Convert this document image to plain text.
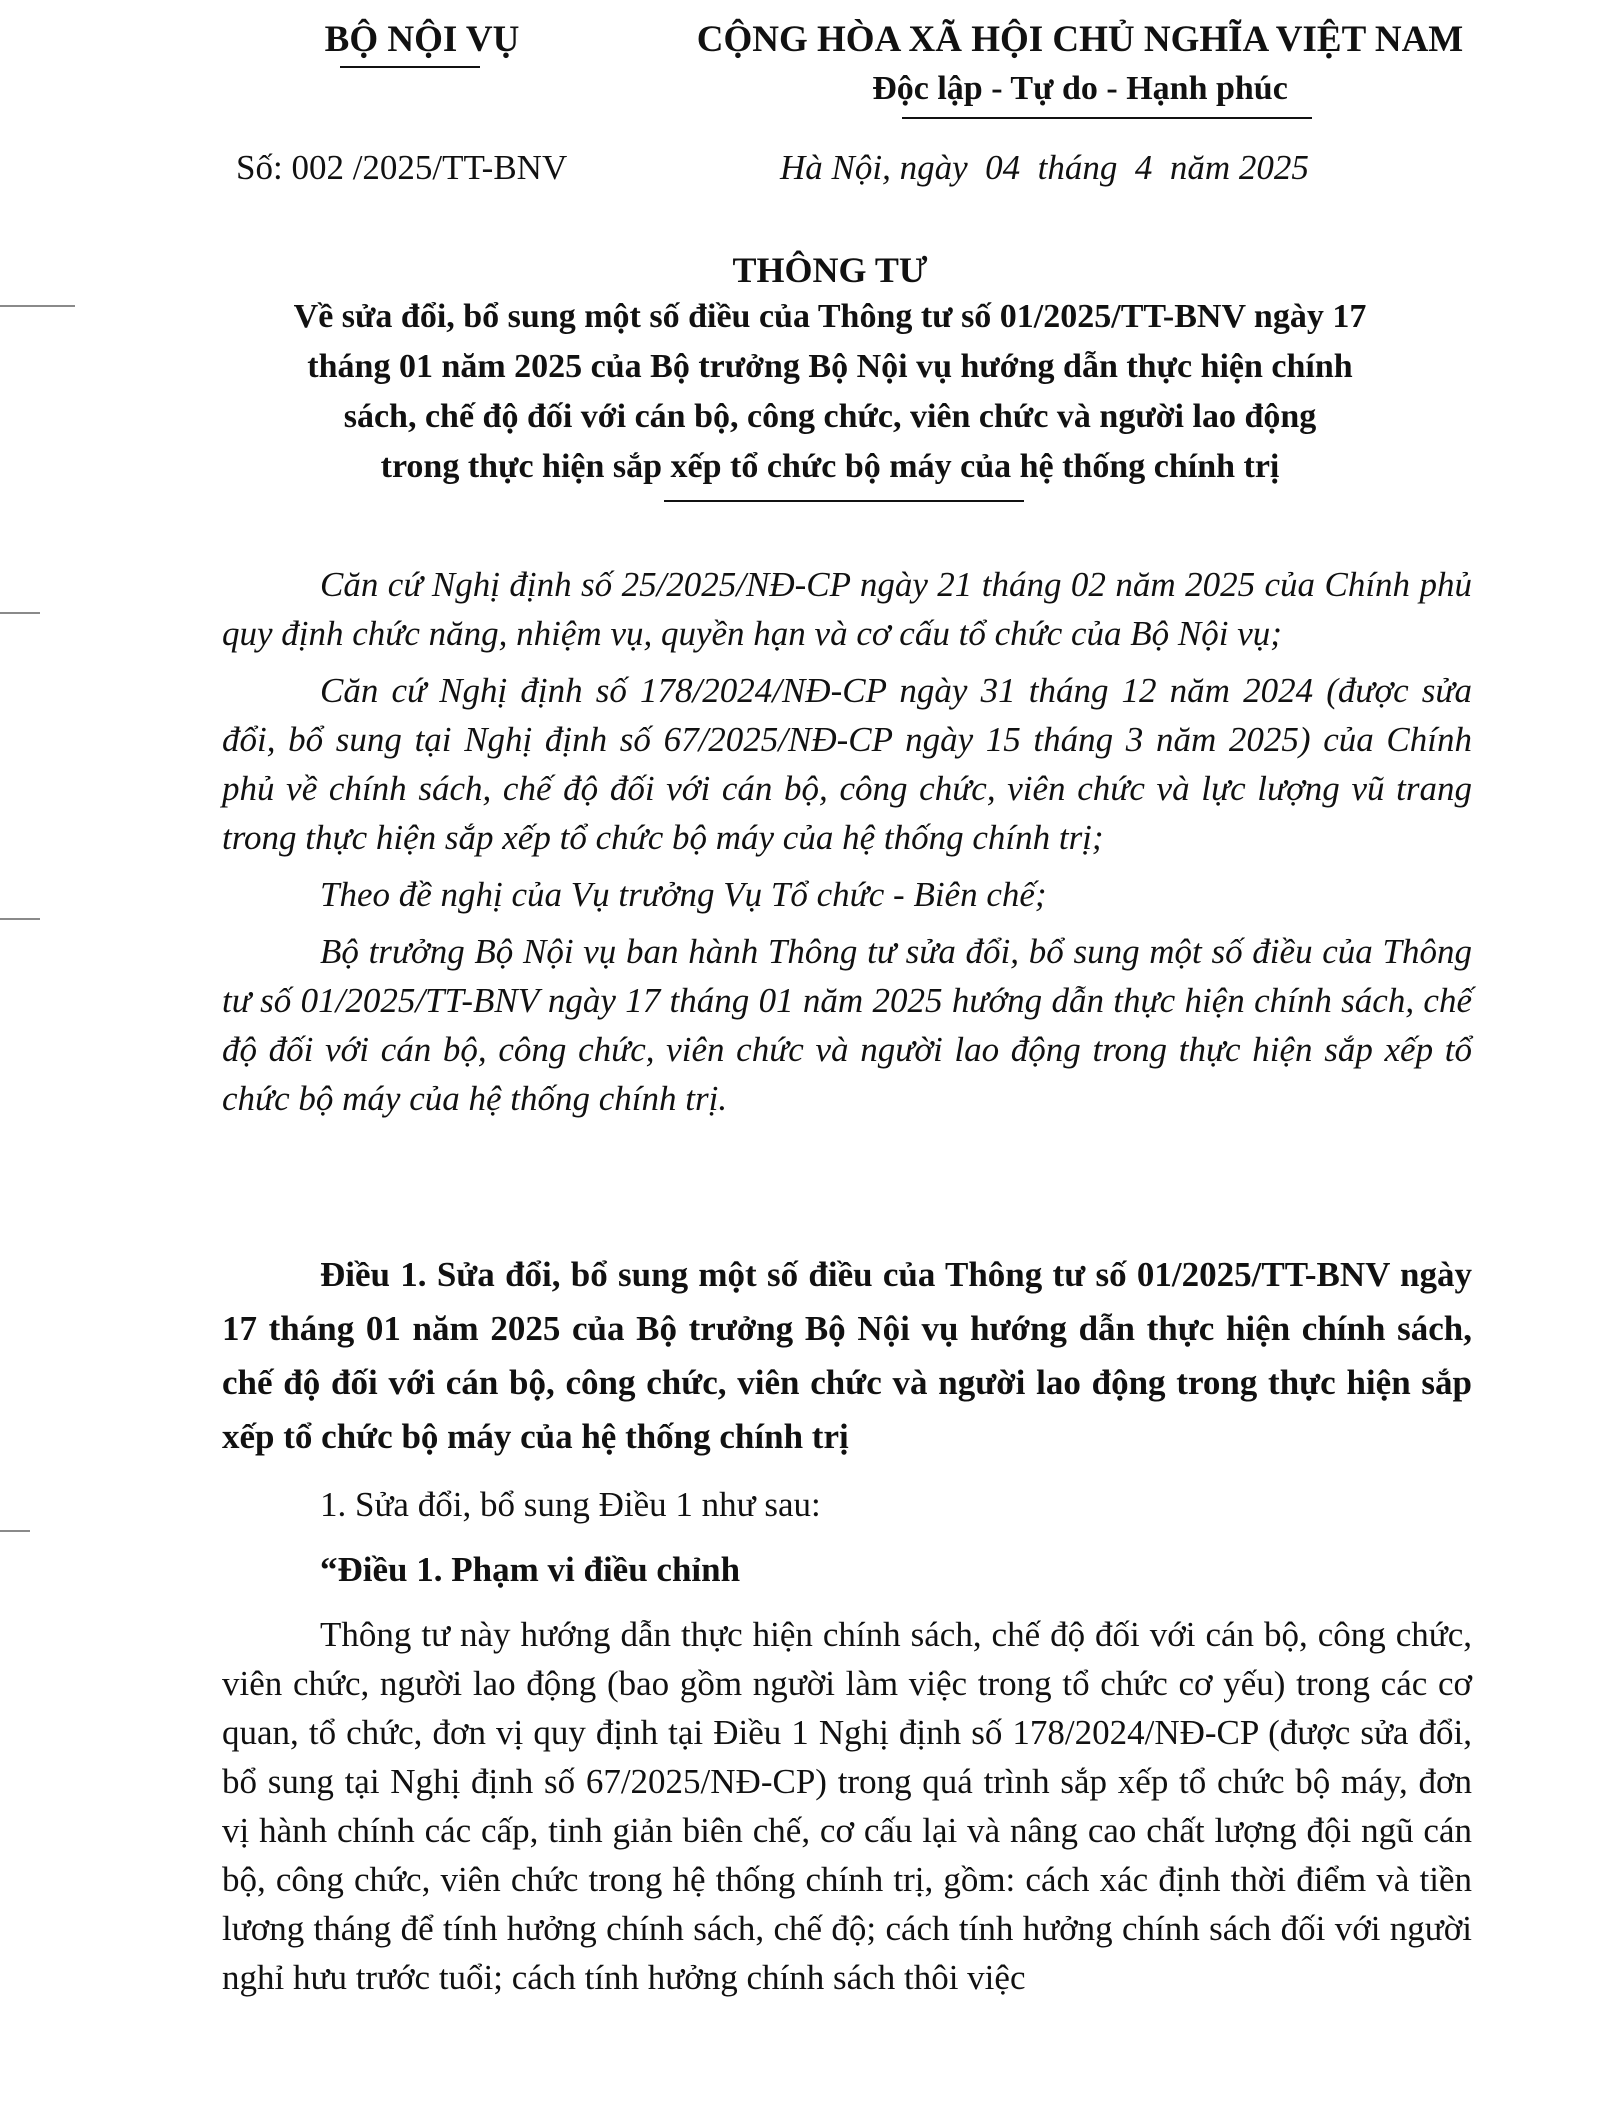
BỘ NỘI VỤ	CỘNG HÒA XÃ HỘI CHỦ NGHĨA VIỆT NAM
Độc lập - Tự do - Hạnh phúc
Số: 002 /2025/TT-BNV	Hà Nội, ngày  04  tháng  4  năm 2025
THÔNG TƯ
Về sửa đổi, bổ sung một số điều của Thông tư số 01/2025/TT-BNV ngày 17
tháng 01 năm 2025 của Bộ trưởng Bộ Nội vụ hướng dẫn thực hiện chính
sách, chế độ đối với cán bộ, công chức, viên chức và người lao động
trong thực hiện sắp xếp tổ chức bộ máy của hệ thống chính trị

Căn cứ Nghị định số 25/2025/NĐ-CP ngày 21 tháng 02 năm 2025 của Chính phủ quy định chức năng, nhiệm vụ, quyền hạn và cơ cấu tổ chức của Bộ Nội vụ;

Căn cứ Nghị định số 178/2024/NĐ-CP ngày 31 tháng 12 năm 2024 (được sửa đổi, bổ sung tại Nghị định số 67/2025/NĐ-CP ngày 15 tháng 3 năm 2025) của Chính phủ về chính sách, chế độ đối với cán bộ, công chức, viên chức và lực lượng vũ trang trong thực hiện sắp xếp tổ chức bộ máy của hệ thống chính trị;

Theo đề nghị của Vụ trưởng Vụ Tổ chức - Biên chế;

Bộ trưởng Bộ Nội vụ ban hành Thông tư sửa đổi, bổ sung một số điều của Thông tư số 01/2025/TT-BNV ngày 17 tháng 01 năm 2025 hướng dẫn thực hiện chính sách, chế độ đối với cán bộ, công chức, viên chức và người lao động trong thực hiện sắp xếp tổ chức bộ máy của hệ thống chính trị.

Điều 1. Sửa đổi, bổ sung một số điều của Thông tư số 01/2025/TT-BNV ngày 17 tháng 01 năm 2025 của Bộ trưởng Bộ Nội vụ hướng dẫn thực hiện chính sách, chế độ đối với cán bộ, công chức, viên chức và người lao động trong thực hiện sắp xếp tổ chức bộ máy của hệ thống chính trị

1. Sửa đổi, bổ sung Điều 1 như sau:

“Điều 1. Phạm vi điều chỉnh

Thông tư này hướng dẫn thực hiện chính sách, chế độ đối với cán bộ, công chức, viên chức, người lao động (bao gồm người làm việc trong tổ chức cơ yếu) trong các cơ quan, tổ chức, đơn vị quy định tại Điều 1 Nghị định số 178/2024/NĐ-CP (được sửa đổi, bổ sung tại Nghị định số 67/2025/NĐ-CP) trong quá trình sắp xếp tổ chức bộ máy, đơn vị hành chính các cấp, tinh giản biên chế, cơ cấu lại và nâng cao chất lượng đội ngũ cán bộ, công chức, viên chức trong hệ thống chính trị, gồm: cách xác định thời điểm và tiền lương tháng để tính hưởng chính sách, chế độ; cách tính hưởng chính sách đối với người nghỉ hưu trước tuổi; cách tính hưởng chính sách thôi việc
